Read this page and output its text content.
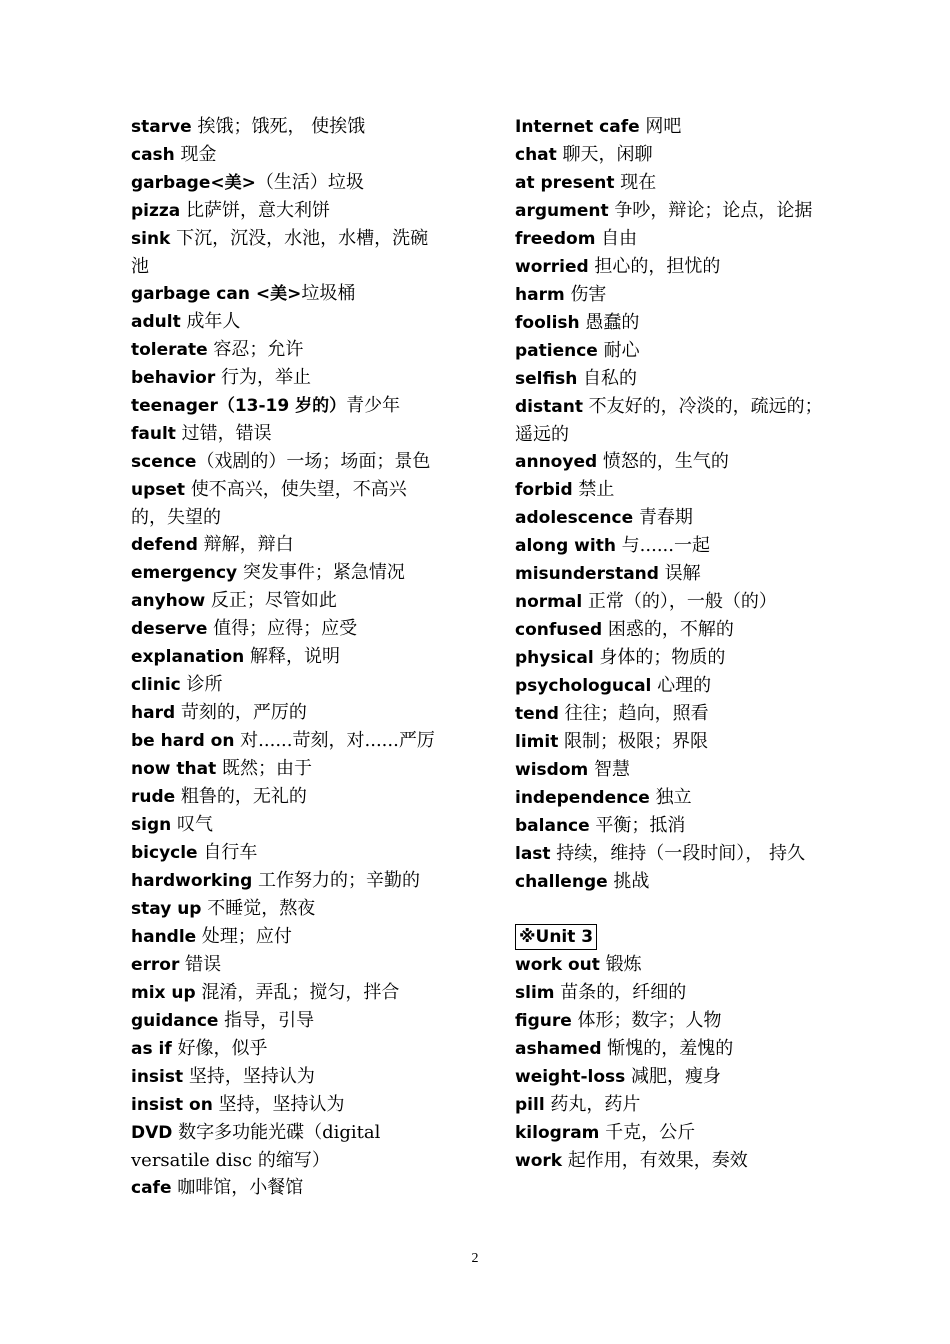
starve 挨饿；饿死， 使挨饿
cash 现金
garbage<美>（生活）垃圾
pizza 比萨饼，意大利饼
sink 下沉，沉没，水池，水槽，洗碗池
garbage can <美>垃圾桶
adult 成年人
tolerate 容忍；允许
behavior 行为，举止
teenager（13-19 岁的）青少年
fault 过错，错误
scence（戏剧的）一场；场面；景色
upset 使不高兴，使失望，不高兴的，失望的
defend 辩解，辩白
emergency 突发事件；紧急情况
anyhow 反正；尽管如此
deserve 值得；应得；应受
explanation 解释，说明
clinic 诊所
hard 苛刻的，严厉的
be hard on 对......苛刻，对......严厉
now that 既然；由于
rude 粗鲁的，无礼的
sign 叹气
bicycle 自行车
hardworking 工作努力的；辛勤的
stay up 不睡觉，熬夜
handle 处理；应付
error 错误
mix up 混淆，弄乱；搅匀，拌合
guidance 指导，引导
as if 好像，似乎
insist 坚持，坚持认为
insist on 坚持，坚持认为
DVD 数字多功能光碟（digital versatile disc 的缩写）
cafe 咖啡馆，小餐馆
Internet cafe 网吧
chat 聊天，闲聊
at present 现在
argument 争吵，辩论；论点，论据
freedom 自由
worried 担心的，担忧的
harm 伤害
foolish 愚蠢的
patience 耐心
selfish 自私的
distant 不友好的，冷淡的，疏远的；遥远的
annoyed 愤怒的，生气的
forbid 禁止
adolescence 青春期
along with 与......一起
misunderstand 误解
normal 正常（的），一般（的）
confused 困惑的，不解的
physical 身体的；物质的
psychologucal 心理的
tend 往往；趋向，照看
limit 限制；极限；界限
wisdom 智慧
independence 独立
balance 平衡；抵消
last 持续，维持（一段时间）， 持久
challenge 挑战
※Unit 3
work out 锻炼
slim 苗条的，纤细的
figure 体形；数字；人物
ashamed 惭愧的，羞愧的
weight-loss 减肥，瘦身
pill 药丸，药片
kilogram 千克，公斤
work 起作用，有效果，奏效
2
